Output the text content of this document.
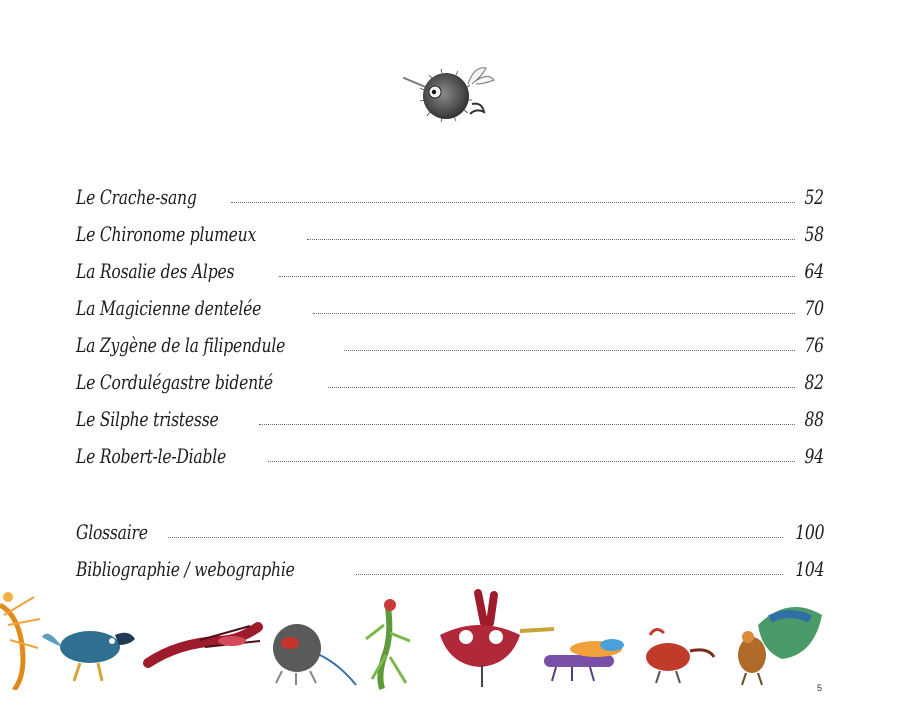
Le Crache-sang	52
Le Chironome plumeux	58
La Rosalie des Alpes	64
La Magicienne dentelée	70
La Zygène de la filipendule	76
Le Cordulégastre bidenté	82
Le Silphe tristesse	88
Le Robert-le-Diable	94
Glossaire	100
Bibliographie / webographie	104
5
